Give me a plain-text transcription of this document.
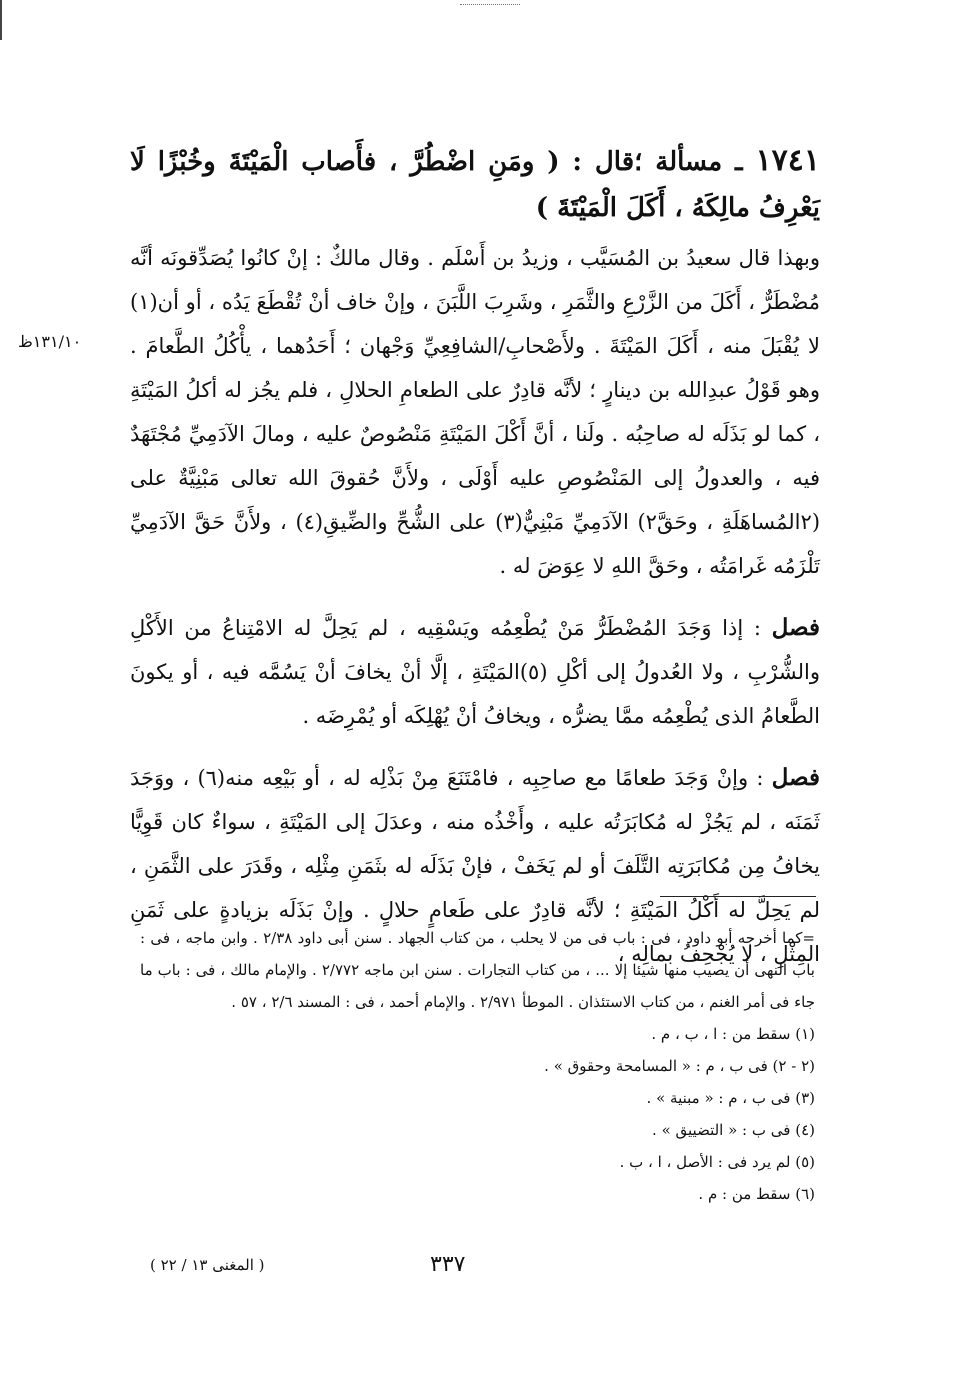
١٧٤١ ـ مسألة ؛قال : ( ومَنِ اضْطُرَّ ، فأَصاب الْمَيْتَةَ وخُبْزًا لَا يَعْرِفُ مالِكَهُ ، أَكَلَ الْمَيْتَةَ )
١٣١/١٠ظ

وبهذا قال سعيدُ بن المُسَيَّب ، وزيدُ بن أَسْلَم . وقال مالكٌ : إنْ كانُوا يُصَدِّقونَه أنَّه مُضْطَرٌّ ، أَكَلَ من الزَّرْعِ والثَّمَرِ ، وشَرِبَ اللَّبَنَ ، وإنْ خاف أنْ تُقْطَعَ يَدُه ، أو أن(١) لا يُقْبَلَ منه ، أَكَلَ المَيْتَةَ . ولأَصْحابِ/الشافِعِيِّ وَجْهان ؛ أَحَدُهما ، يأْكُلُ الطَّعامَ . وهو قَوْلُ عبدِالله بن دينارٍ ؛ لأنَّه قادِرٌ على الطعامِ الحلالِ ، فلم يجُز له أكلُ المَيْتَةِ ، كما لو بَذَلَه له صاحِبُه . ولَنا ، أنَّ أَكْلَ المَيْتَةِ مَنْصُوصٌ عليه ، ومالَ الآدَمِيِّ مُجْتَهَدٌ فيه ، والعدولُ إلى المَنْصُوصِ عليه أَوْلَى ، ولأَنَّ حُقوقَ الله تعالى مَبْنِيَّةٌ على (٢المُساهَلَةِ ، وحَقَّ٢) الآدَمِيِّ مَبْنِيٌّ(٣) على الشُّحِّ والضِّيقِ(٤) ، ولأَنَّ حَقَّ الآدَمِيِّ تَلْزَمُه غَرامَتُه ، وحَقَّ اللهِ لا عِوَضَ له .

فصل : إذا وَجَدَ المُضْطَرُّ مَنْ يُطْعِمُه ويَسْقِيه ، لم يَحِلَّ له الامْتِناعُ من الأَكْلِ والشُّرْبِ ، ولا العُدولُ إلى أكْلِ (٥)المَيْتَةِ ، إلَّا أنْ يخافَ أنْ يَسُمَّه فيه ، أو يكونَ الطَّعامُ الذى يُطْعِمُه ممَّا يضرُّه ، ويخافُ أنْ يُهْلِكَه أو يُمْرِضَه .

فصل : وإنْ وَجَدَ طعامًا مع صاحِبِه ، فامْتَنَعَ مِنْ بَذْلِه له ، أو بَيْعِه منه(٦) ، ووَجَدَ ثَمَنَه ، لم يَجُزْ له مُكابَرَتُه عليه ، وأَخْذُه منه ، وعدَلَ إلى المَيْتَةِ ، سواءٌ كان قَوِيًّا يخافُ مِن مُكابَرَتِه التَّلَفَ أو لم يَخَفْ ، فإنْ بَذَلَه له بثَمَنِ مِثْلِه ، وقَدَرَ على الثَّمَنِ ، لم يَحِلَّ له أَكْلُ المَيْتَةِ ؛ لأنَّه قادِرٌ على طَعامٍ حلالٍ . وإنْ بَذَلَه بزيادةٍ على ثَمَنِ المِثْلِ ، لا يُجْحِفُ بمالِه ،

=كما أخرجه أبو داود ، فى : باب فى من لا يحلب ، من كتاب الجهاد . سنن أبى داود ٢/٣٨ . وابن ماجه ، فى : باب النهى أن يصيب منها شيئا إلا ... ، من كتاب التجارات . سنن ابن ماجه ٢/٧٧٢ . والإمام مالك ، فى : باب ما جاء فى أمر الغنم ، من كتاب الاستئذان . الموطأ ٢/٩٧١ . والإمام أحمد ، فى : المسند ٢/٦ ، ٥٧ .

(١) سقط من : ا ، ب ، م .

(٢ - ٢) فى ب ، م : « المسامحة وحقوق » .

(٣) فى ب ، م : « مبنية » .

(٤) فى ب : « التضييق » .

(٥) لم يرد فى : الأصل ، ا ، ب .

(٦) سقط من : م .

٣٣٧
( المغنى ١٣ / ٢٢ )
